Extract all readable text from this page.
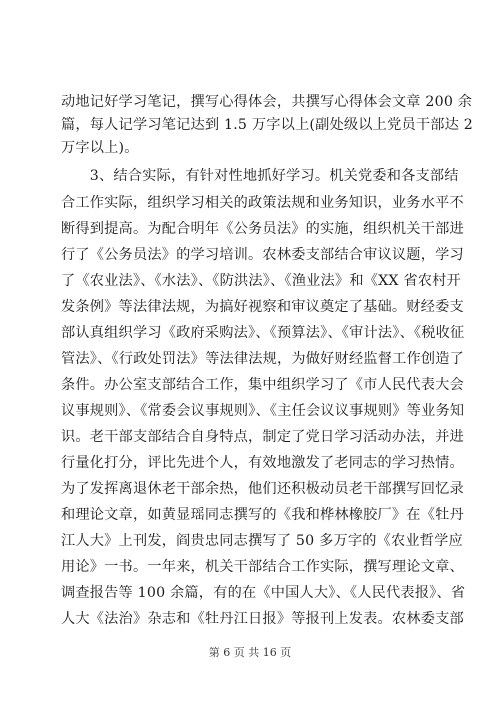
动地记好学习笔记，撰写心得体会，共撰写心得体会文章 200 余
篇，每人记学习笔记达到 1.5 万字以上(副处级以上党员干部达 2
万字以上)。
　　3、结合实际，有针对性地抓好学习。机关党委和各支部结
合工作实际，组织学习相关的政策法规和业务知识，业务水平不
断得到提高。为配合明年《公务员法》的实施，组织机关干部进
行了《公务员法》的学习培训。农林委支部结合审议议题，学习
了《农业法》、《水法》、《防洪法》、《渔业法》和《XX 省农村开
发条例》等法律法规，为搞好视察和审议奠定了基础。财经委支
部认真组织学习《政府采购法》、《预算法》、《审计法》、《税收征
管法》、《行政处罚法》等法律法规，为做好财经监督工作创造了
条件。办公室支部结合工作，集中组织学习了《市人民代表大会
议事规则》、《常委会议事规则》、《主任会议议事规则》等业务知
识。老干部支部结合自身特点，制定了党日学习活动办法，并进
行量化打分，评比先进个人，有效地激发了老同志的学习热情。
为了发挥离退休老干部余热，他们还积极动员老干部撰写回忆录
和理论文章，如黄显瑶同志撰写的《我和桦林橡胶厂》在《牡丹
江人大》上刊发，阎贵忠同志撰写了 50 多万字的《农业哲学应
用论》一书。一年来，机关干部结合工作实际，撰写理论文章、
调查报告等 100 余篇，有的在《中国人大》、《人民代表报》、省
人大《法治》杂志和《牡丹江日报》等报刊上发表。农林委支部
第 6 页 共 16 页
